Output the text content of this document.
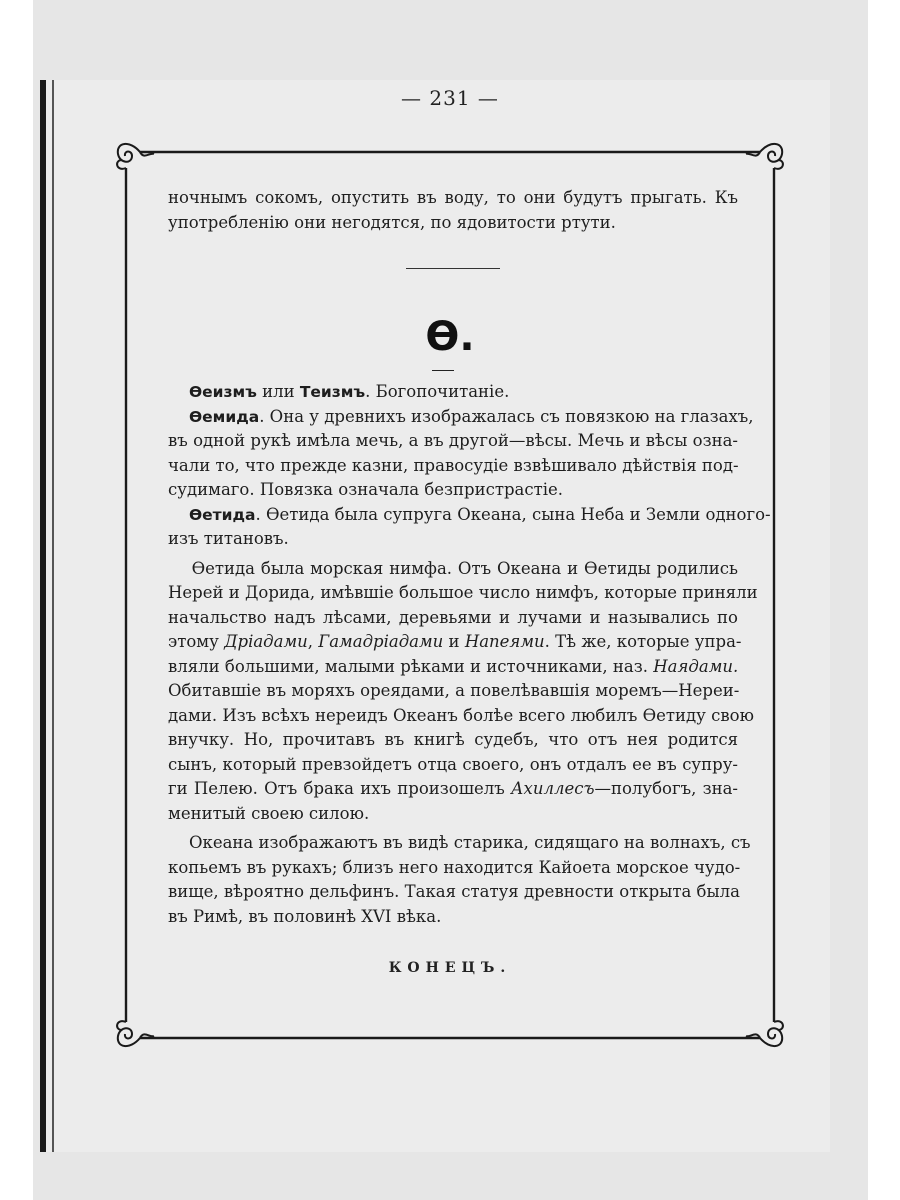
— 231 —
ночнымъ сокомъ, опустить въ воду, то они будутъ прыгать. Къ
употребленію они негодятся, по ядовитости ртути.
Ѳ.
Ѳеизмъ или Теизмъ. Богопочитаніе.
Ѳемида. Она у древнихъ изображалась съ повязкою на глазахъ,
въ одной рукѣ имѣла мечь, а въ другой—вѣсы. Мечь и вѣсы озна-
чали то, что прежде казни, правосудіе взвѣшивало дѣйствія под-
судимаго. Повязка означала безпристрастіе.
Ѳетида. Ѳетида была супруга Океана, сына Неба и Земли одного-
изъ титановъ.
Ѳетида была морская нимфа. Отъ Океана и Ѳетиды родились
Нерей и Дорида, имѣвшіе большое число нимфъ, которые приняли
начальство надъ лѣсами, деревьями и лучами и назывались по
этому Дріадами, Гамадріадами и Напеями. Тѣ же, которые упра-
вляли большими, малыми рѣками и источниками, наз. Наядами.
Обитавшіе въ моряхъ ореядами, а повелѣвавшія моремъ—Нереи-
дами. Изъ всѣхъ нереидъ Океанъ болѣе всего любилъ Ѳетиду свою
внучку. Но, прочитавъ въ книгѣ судебъ, что отъ нея родится
сынъ, который превзойдетъ отца своего, онъ отдалъ ее въ супру-
ги Пелею. Отъ брака ихъ произошелъ Ахиллесъ—полубогъ, зна-
менитый своею силою.
Океана изображаютъ въ видѣ старика, сидящаго на волнахъ, съ
копьемъ въ рукахъ; близъ него находится Кайоета морское чудо-
вище, вѣроятно дельфинъ. Такая статуя древности открыта была
въ Римѣ, въ половинѣ XVI вѣка.
КОНЕЦЪ.
